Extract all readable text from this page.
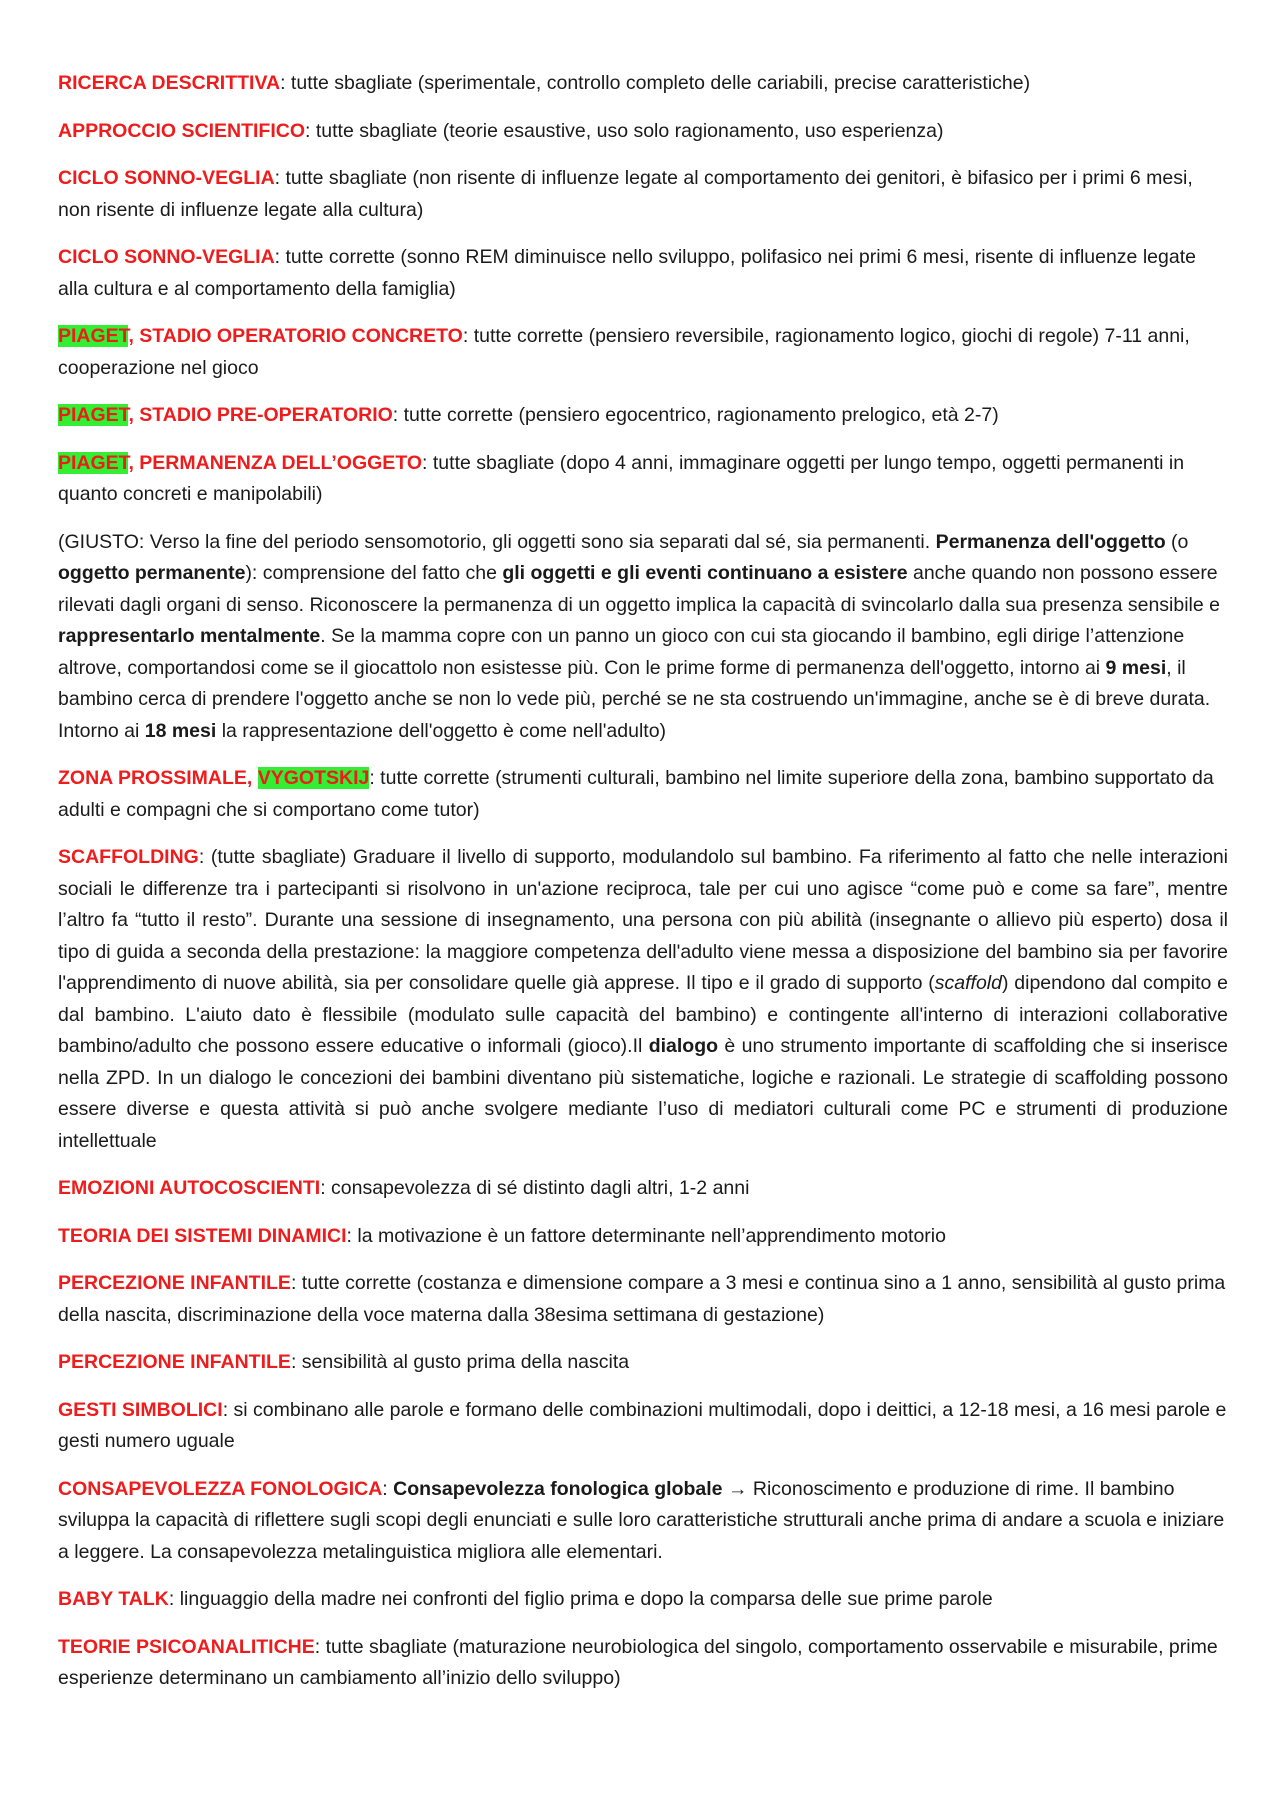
RICERCA DESCRITTIVA: tutte sbagliate (sperimentale, controllo completo delle cariabili, precise caratteristiche)

APPROCCIO SCIENTIFICO: tutte sbagliate (teorie esaustive, uso solo ragionamento, uso esperienza)

CICLO SONNO-VEGLIA: tutte sbagliate (non risente di influenze legate al comportamento dei genitori, è bifasico per i primi 6 mesi, non risente di influenze legate alla cultura)

CICLO SONNO-VEGLIA: tutte corrette (sonno REM diminuisce nello sviluppo, polifasico nei primi 6 mesi, risente di influenze legate alla cultura e al comportamento della famiglia)

PIAGET, STADIO OPERATORIO CONCRETO: tutte corrette (pensiero reversibile, ragionamento logico, giochi di regole) 7-11 anni, cooperazione nel gioco

PIAGET, STADIO PRE-OPERATORIO: tutte corrette (pensiero egocentrico, ragionamento prelogico, età 2-7)

PIAGET, PERMANENZA DELL’OGGETO: tutte sbagliate (dopo 4 anni, immaginare oggetti per lungo tempo, oggetti permanenti in quanto concreti e manipolabili)

(GIUSTO: Verso la fine del periodo sensomotorio, gli oggetti sono sia separati dal sé, sia permanenti. Permanenza dell'oggetto (o oggetto permanente): comprensione del fatto che gli oggetti e gli eventi continuano a esistere anche quando non possono essere rilevati dagli organi di senso. Riconoscere la permanenza di un oggetto implica la capacità di svincolarlo dalla sua presenza sensibile e rappresentarlo mentalmente. Se la mamma copre con un panno un gioco con cui sta giocando il bambino, egli dirige l’attenzione altrove, comportandosi come se il giocattolo non esistesse più. Con le prime forme di permanenza dell'oggetto, intorno ai 9 mesi, il bambino cerca di prendere l'oggetto anche se non lo vede più, perché se ne sta costruendo un'immagine, anche se è di breve durata. Intorno ai 18 mesi la rappresentazione dell'oggetto è come nell'adulto)

ZONA PROSSIMALE, VYGOTSKIJ: tutte corrette (strumenti culturali, bambino nel limite superiore della zona, bambino supportato da adulti e compagni che si comportano come tutor)

SCAFFOLDING: (tutte sbagliate) Graduare il livello di supporto, modulandolo sul bambino. Fa riferimento al fatto che nelle interazioni sociali le differenze tra i partecipanti si risolvono in un'azione reciproca, tale per cui uno agisce “come può e come sa fare”, mentre l’altro fa “tutto il resto”. Durante una sessione di insegnamento, una persona con più abilità (insegnante o allievo più esperto) dosa il tipo di guida a seconda della prestazione: la maggiore competenza dell'adulto viene messa a disposizione del bambino sia per favorire l'apprendimento di nuove abilità, sia per consolidare quelle già apprese. Il tipo e il grado di supporto (scaffold) dipendono dal compito e dal bambino. L'aiuto dato è flessibile (modulato sulle capacità del bambino) e contingente all'interno di interazioni collaborative bambino/adulto che possono essere educative o informali (gioco).Il dialogo è uno strumento importante di scaffolding che si inserisce nella ZPD. In un dialogo le concezioni dei bambini diventano più sistematiche, logiche e razionali. Le strategie di scaffolding possono essere diverse e questa attività si può anche svolgere mediante l’uso di mediatori culturali come PC e strumenti di produzione intellettuale

EMOZIONI AUTOCOSCIENTI: consapevolezza di sé distinto dagli altri, 1-2 anni

TEORIA DEI SISTEMI DINAMICI: la motivazione è un fattore determinante nell’apprendimento motorio

PERCEZIONE INFANTILE: tutte corrette (costanza e dimensione compare a 3 mesi e continua sino a 1 anno, sensibilità al gusto prima della nascita, discriminazione della voce materna dalla 38esima settimana di gestazione)

PERCEZIONE INFANTILE: sensibilità al gusto prima della nascita

GESTI SIMBOLICI: si combinano alle parole e formano delle combinazioni multimodali, dopo i deittici, a 12-18 mesi, a 16 mesi parole e gesti numero uguale

CONSAPEVOLEZZA FONOLOGICA: Consapevolezza fonologica globale → Riconoscimento e produzione di rime. Il bambino sviluppa la capacità di riflettere sugli scopi degli enunciati e sulle loro caratteristiche strutturali anche prima di andare a scuola e iniziare a leggere. La consapevolezza metalinguistica migliora alle elementari.

BABY TALK: linguaggio della madre nei confronti del figlio prima e dopo la comparsa delle sue prime parole

TEORIE PSICOANALITICHE: tutte sbagliate (maturazione neurobiologica del singolo, comportamento osservabile e misurabile, prime esperienze determinano un cambiamento all’inizio dello sviluppo)
